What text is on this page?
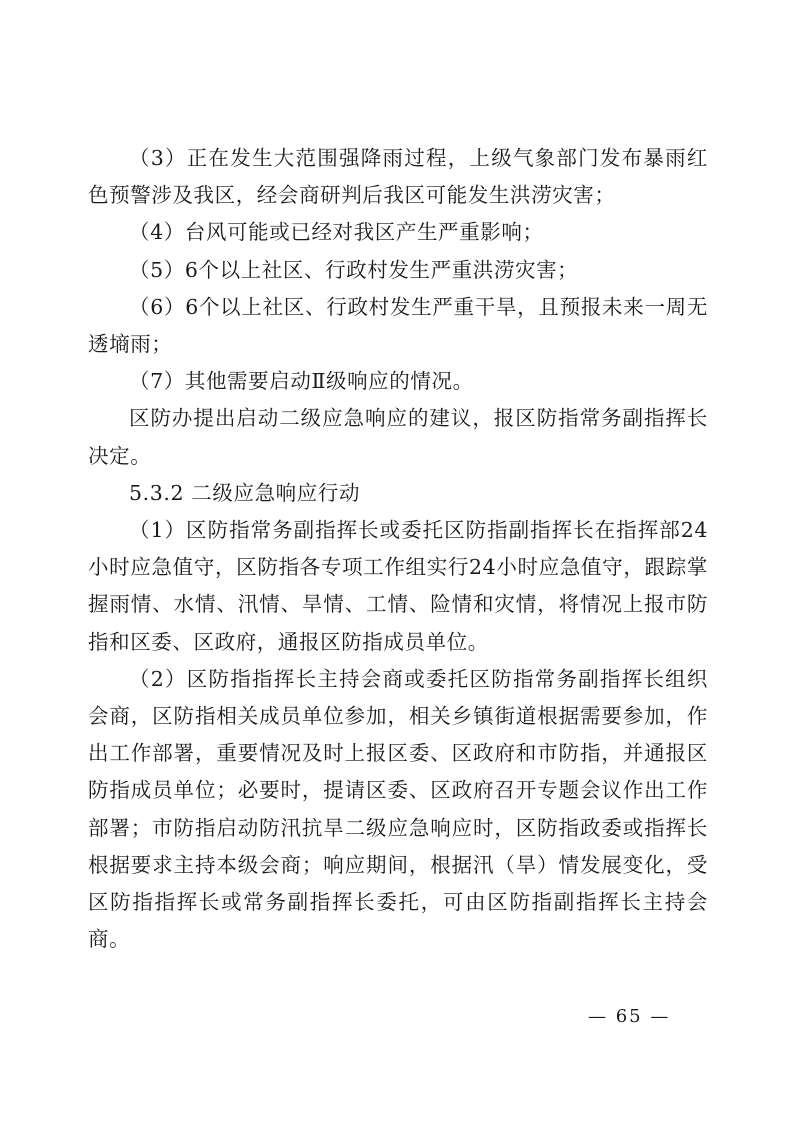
（3）正在发生大范围强降雨过程，上级气象部门发布暴雨红色预警涉及我区，经会商研判后我区可能发生洪涝灾害；

（4）台风可能或已经对我区产生严重影响；

（5）6个以上社区、行政村发生严重洪涝灾害；

（6）6个以上社区、行政村发生严重干旱，且预报未来一周无透墒雨；

（7）其他需要启动Ⅱ级响应的情况。

区防办提出启动二级应急响应的建议，报区防指常务副指挥长决定。

5.3.2 二级应急响应行动

（1）区防指常务副指挥长或委托区防指副指挥长在指挥部24小时应急值守，区防指各专项工作组实行24小时应急值守，跟踪掌握雨情、水情、汛情、旱情、工情、险情和灾情，将情况上报市防指和区委、区政府，通报区防指成员单位。

（2）区防指指挥长主持会商或委托区防指常务副指挥长组织会商，区防指相关成员单位参加，相关乡镇街道根据需要参加，作出工作部署，重要情况及时上报区委、区政府和市防指，并通报区防指成员单位；必要时，提请区委、区政府召开专题会议作出工作部署；市防指启动防汛抗旱二级应急响应时，区防指政委或指挥长根据要求主持本级会商；响应期间，根据汛（旱）情发展变化，受区防指指挥长或常务副指挥长委托，可由区防指副指挥长主持会商。

— 65 —
